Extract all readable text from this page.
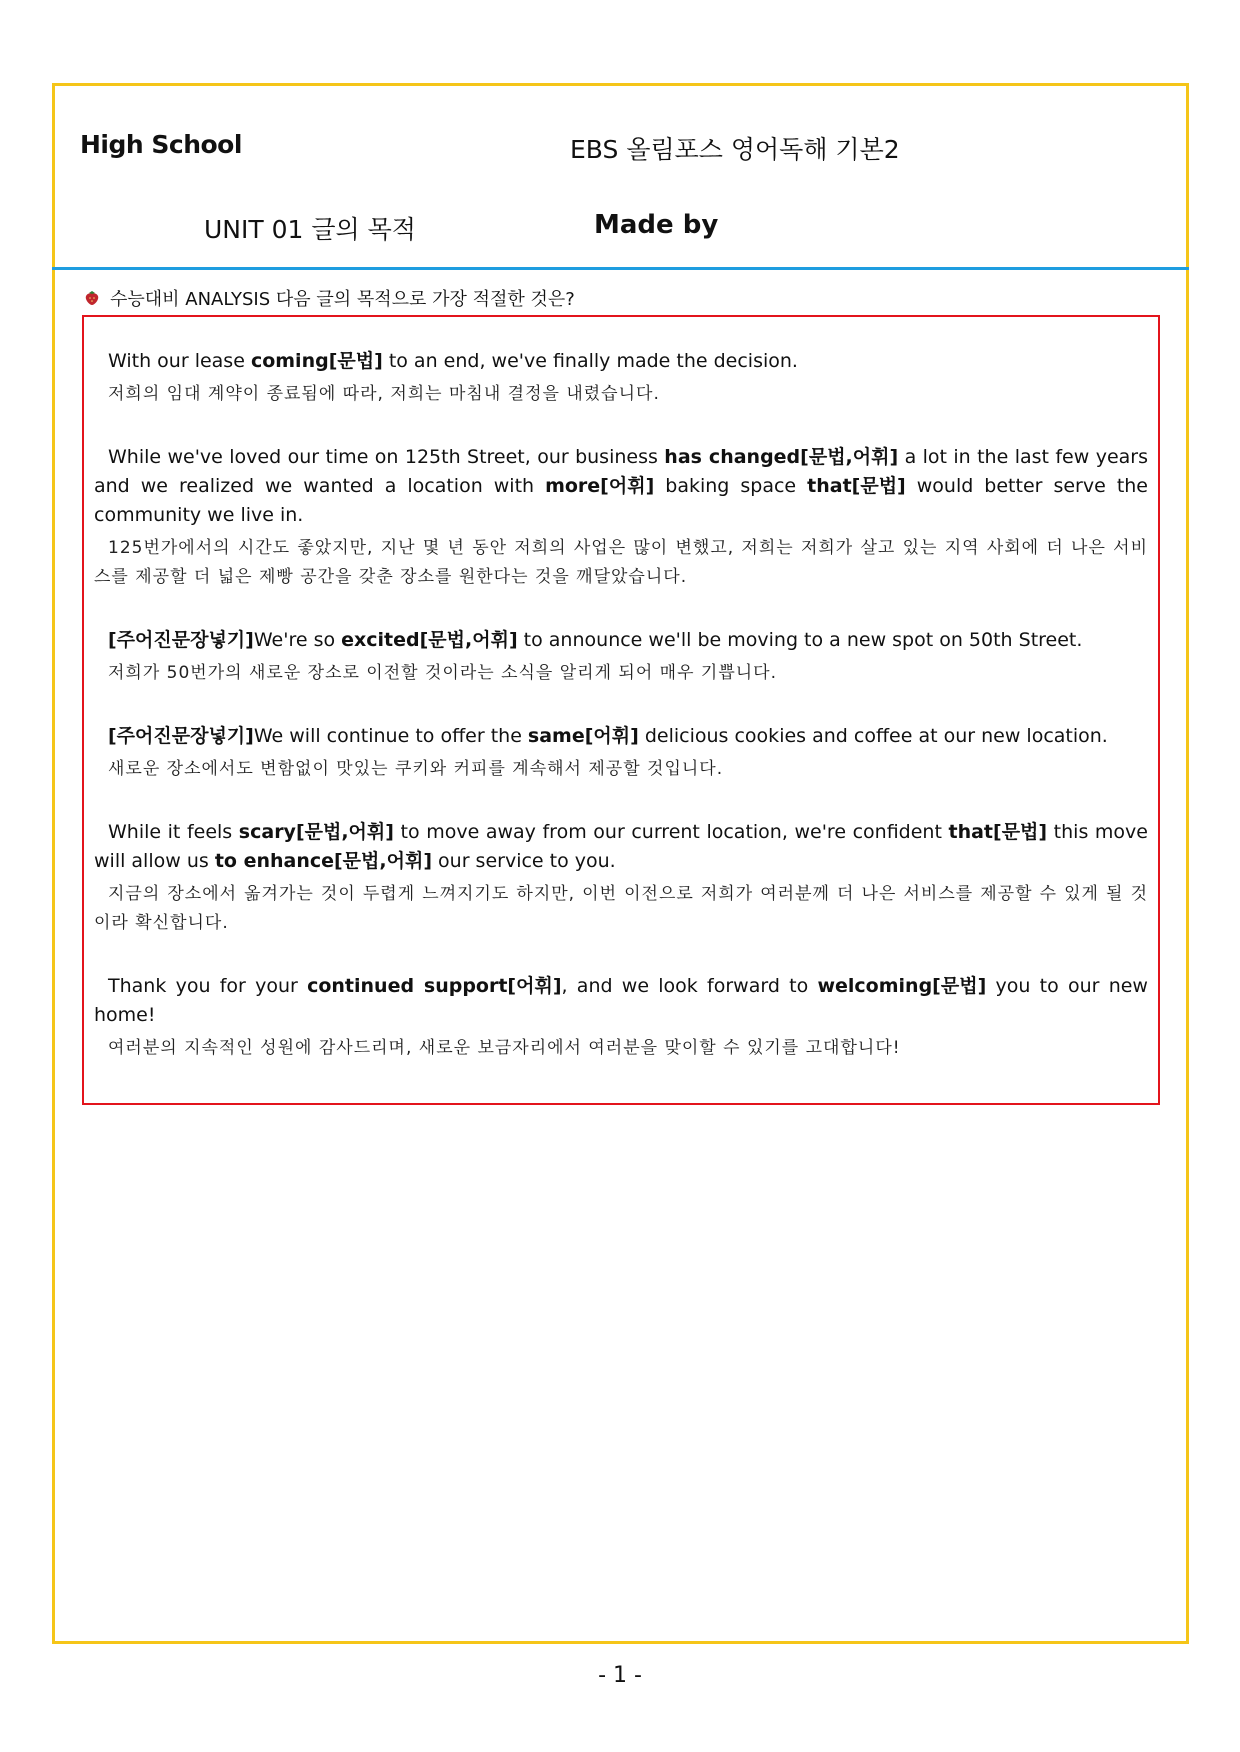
High School	EBS 올림포스 영어독해 기본2
UNIT 01 글의 목적	Made by
수능대비 ANALYSIS 다음 글의 목적으로 가장 적절한 것은?

With our lease coming[문법] to an end, we've finally made the decision.

저희의 임대 계약이 종료됨에 따라, 저희는 마침내 결정을 내렸습니다.

While we've loved our time on 125th Street, our business has changed[문법,어휘] a lot in the last few years and we realized we wanted a location with more[어휘] baking space that[문법] would better serve the community we live in.

125번가에서의 시간도 좋았지만, 지난 몇 년 동안 저희의 사업은 많이 변했고, 저희는 저희가 살고 있는 지역 사회에 더 나은 서비스를 제공할 더 넓은 제빵 공간을 갖춘 장소를 원한다는 것을 깨달았습니다.

[주어진문장넣기]We're so excited[문법,어휘] to announce we'll be moving to a new spot on 50th Street.

저희가 50번가의 새로운 장소로 이전할 것이라는 소식을 알리게 되어 매우 기쁩니다.

[주어진문장넣기]We will continue to offer the same[어휘] delicious cookies and coffee at our new location.

새로운 장소에서도 변함없이 맛있는 쿠키와 커피를 계속해서 제공할 것입니다.

While it feels scary[문법,어휘] to move away from our current location, we're confident that[문법] this move will allow us to enhance[문법,어휘] our service to you.

지금의 장소에서 옮겨가는 것이 두렵게 느껴지기도 하지만, 이번 이전으로 저희가 여러분께 더 나은 서비스를 제공할 수 있게 될 것이라 확신합니다.

Thank you for your continued support[어휘], and we look forward to welcoming[문법] you to our new home!

여러분의 지속적인 성원에 감사드리며, 새로운 보금자리에서 여러분을 맞이할 수 있기를 고대합니다!

- 1 -
